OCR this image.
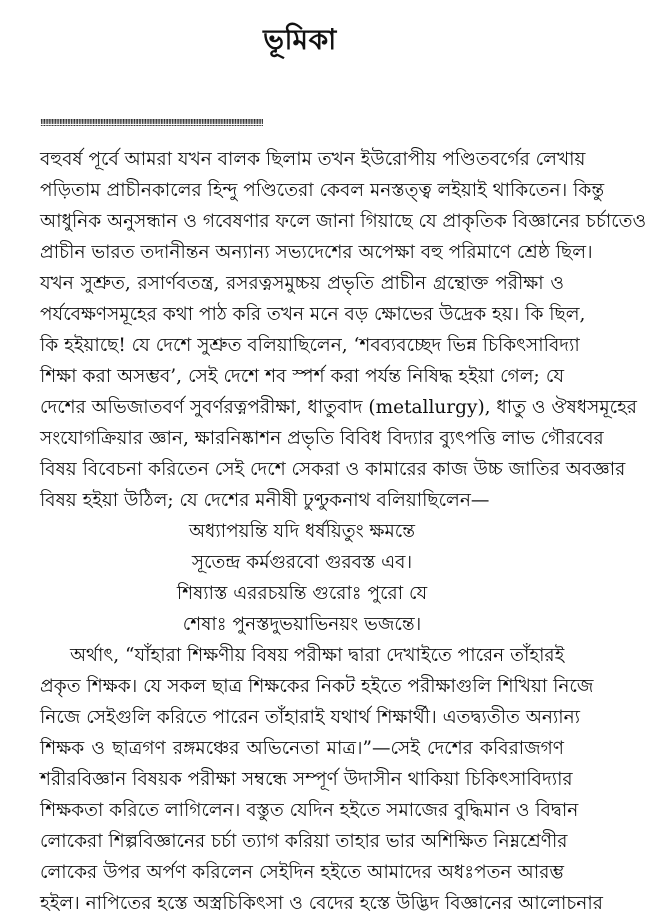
ভূমিকা
!!!!!!!!!!!!!!!!!!!!!!!!!!!!!!!!!!!!!!!!!!!!!!!!!!!!!!!!!!!!!!!!!!!!!!!!!!!!!!!!!!!!!!!!!!!!!!!!!!!!!!!!!!!!!!!!!!!!!!!!!!!!!!!!!!!!!!!!!!!!!
বহুবর্ষ পূর্বে আমরা যখন বালক ছিলাম তখন ইউরোপীয় পণ্ডিতবর্গের লেখায়
পড়িতাম প্রাচীনকালের হিন্দু পণ্ডিতেরা কেবল মনস্তত্ত্ব লইয়াই থাকিতেন। কিন্তু
আধুনিক অনুসন্ধান ও গবেষণার ফলে জানা গিয়াছে যে প্রাকৃতিক বিজ্ঞানের চর্চাতেও
প্রাচীন ভারত তদানীন্তন অন্যান্য সভ্যদেশের অপেক্ষা বহু পরিমাণে শ্রেষ্ঠ ছিল।
যখন সুশ্রুত, রসার্ণবতন্ত্র, রসরত্নসমুচ্চয় প্রভৃতি প্রাচীন গ্রন্থোক্ত পরীক্ষা ও
পর্যবেক্ষণসমূহের কথা পাঠ করি তখন মনে বড় ক্ষোভের উদ্রেক হয়। কি ছিল,
কি হইয়াছে! যে দেশে সুশ্রুত বলিয়াছিলেন, ‘শবব্যবচ্ছেদ ভিন্ন চিকিৎসাবিদ্যা
শিক্ষা করা অসম্ভব’, সেই দেশে শব স্পর্শ করা পর্যন্ত নিষিদ্ধ হইয়া গেল; যে
দেশের অভিজাতবর্ণ সুবর্ণরত্নপরীক্ষা, ধাতুবাদ (metallurgy), ধাতু ও ঔষধসমূহের
সংযোগক্রিয়ার জ্ঞান, ক্ষারনিষ্কাশন প্রভৃতি বিবিধ বিদ্যার ব্যুৎপত্তি লাভ গৌরবের
বিষয় বিবেচনা করিতেন সেই দেশে সেকরা ও কামারের কাজ উচ্চ জাতির অবজ্ঞার
বিষয় হইয়া উঠিল; যে দেশের মনীষী ঢুণ্ঢুকনাথ বলিয়াছিলেন—
অধ্যাপয়ন্তি যদি ধর্ষয়িতুং ক্ষমন্তে
সূতেন্দ্র কর্মগুরবো গুরবস্ত এব।
শিষ্যাস্ত এররচয়ন্তি গুরোঃ পুরো যে
শেষাঃ পুনস্তদুভয়াভিনয়ং ভজন্তে।
অর্থাৎ, “যাঁহারা শিক্ষণীয় বিষয় পরীক্ষা দ্বারা দেখাইতে পারেন তাঁহারই
প্রকৃত শিক্ষক। যে সকল ছাত্র শিক্ষকের নিকট হইতে পরীক্ষাগুলি শিখিয়া নিজে
নিজে সেইগুলি করিতে পারেন তাঁহারাই যথার্থ শিক্ষার্থী। এতদ্ব্যতীত অন্যান্য
শিক্ষক ও ছাত্রগণ রঙ্গমঞ্চের অভিনেতা মাত্র।”—সেই দেশের কবিরাজগণ
শরীরবিজ্ঞান বিষয়ক পরীক্ষা সম্বন্ধে সম্পূর্ণ উদাসীন থাকিয়া চিকিৎসাবিদ্যার
শিক্ষকতা করিতে লাগিলেন। বস্তুত যেদিন হইতে সমাজের বুদ্ধিমান ও বিদ্বান
লোকেরা শিল্পবিজ্ঞানের চর্চা ত্যাগ করিয়া তাহার ভার অশিক্ষিত নিম্নশ্রেণীর
লোকের উপর অর্পণ করিলেন সেইদিন হইতে আমাদের অধঃপতন আরম্ভ
হইল। নাপিতের হস্তে অস্ত্রচিকিৎসা ও বেদের হস্তে উদ্ভিদ বিজ্ঞানের আলোচনার
